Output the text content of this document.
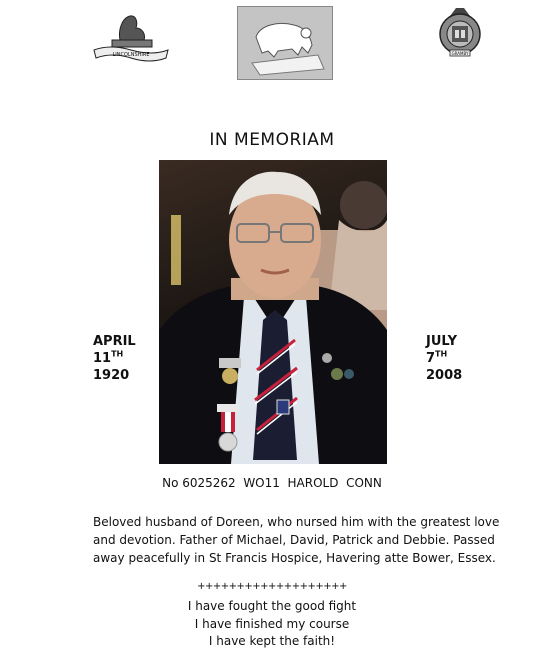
LINCOLNSHIRE	GRAMBY
IN MEMORIAM
APRIL
11TH
1920
JULY
7TH
2008
No 6025262  WO11  HAROLD  CONN
Beloved husband of Doreen, who nursed him with the greatest love and devotion. Father of Michael, David, Patrick and Debbie. Passed away peacefully in St Francis Hospice, Havering atte Bower, Essex.
+++++++++++++++++++
I have fought the good fight
I have finished my course
I have kept the faith!
